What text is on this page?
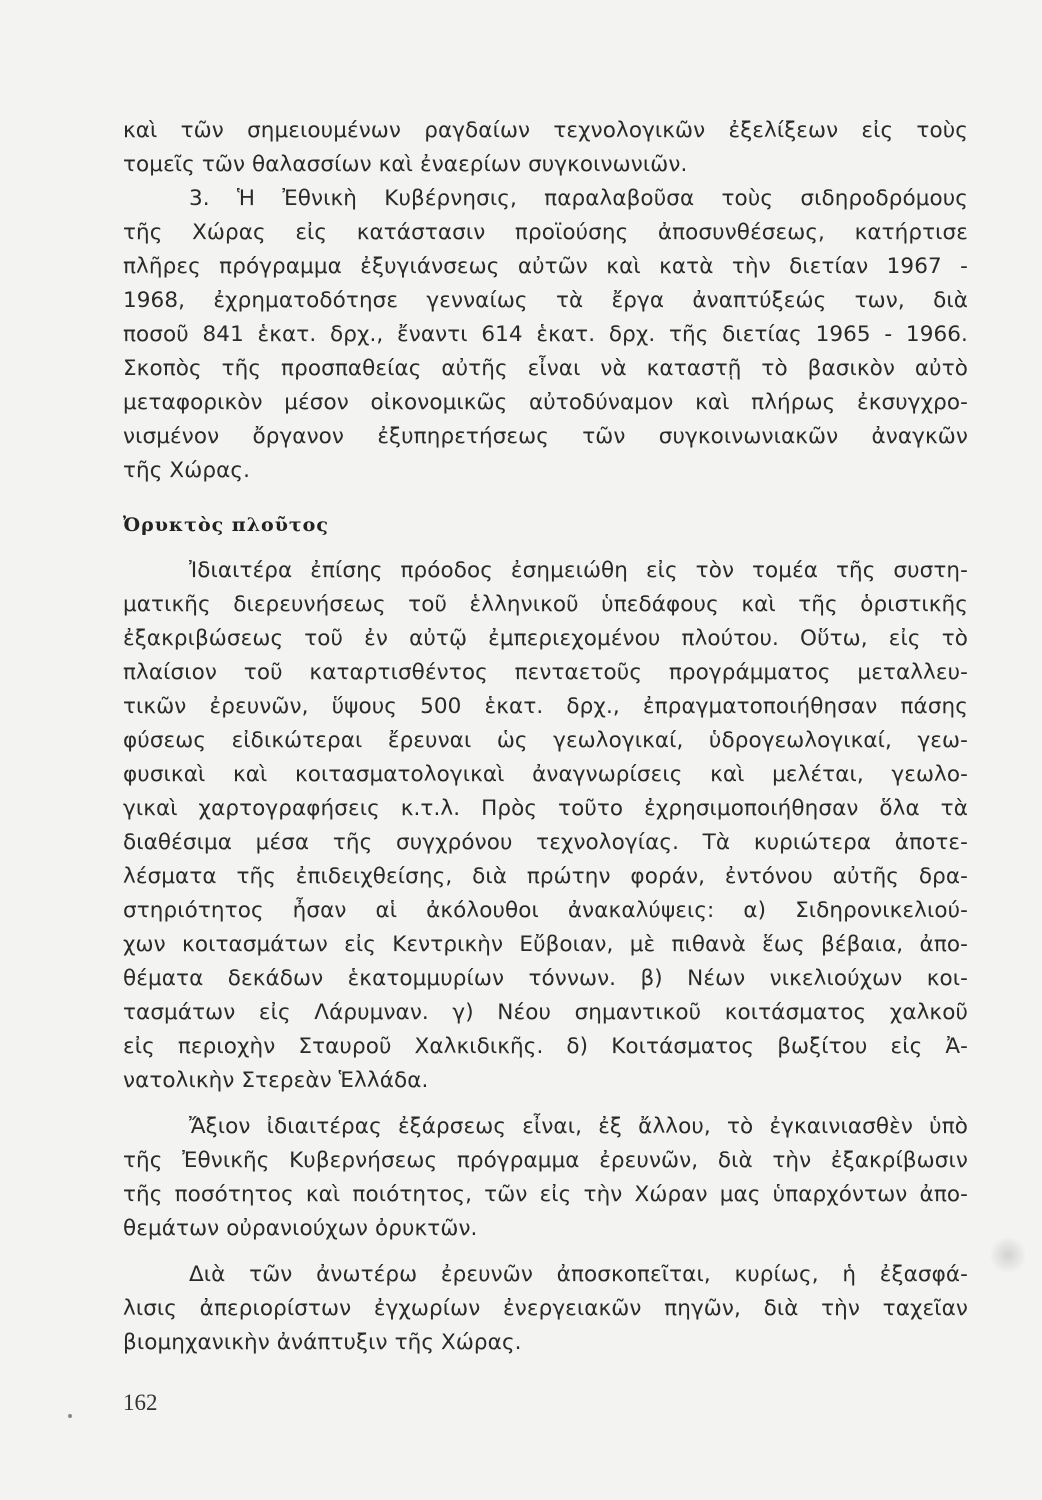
καὶ τῶν σημειουμένων ραγδαίων τεχνολογικῶν ἐξελίξεων εἰς τοὺς
τομεῖς τῶν θαλασσίων καὶ ἐναερίων συγκοινωνιῶν.
3. Ἡ Ἐθνικὴ Κυβέρνησις, παραλαβοῦσα τοὺς σιδηροδρόμους
τῆς Χώρας εἰς κατάστασιν προϊούσης ἀποσυνθέσεως, κατήρτισε
πλῆρες πρόγραμμα ἐξυγιάνσεως αὐτῶν καὶ κατὰ τὴν διετίαν 1967 -
1968, ἐχρηματοδότησε γενναίως τὰ ἔργα ἀναπτύξεώς των, διὰ
ποσοῦ 841 ἑκατ. δρχ., ἔναντι 614 ἑκατ. δρχ. τῆς διετίας 1965 - 1966.
Σκοπὸς τῆς προσπαθείας αὐτῆς εἶναι νὰ καταστῇ τὸ βασικὸν αὐτὸ
μεταφορικὸν μέσον οἰκονομικῶς αὐτοδύναμον καὶ πλήρως ἐκσυγχρο-
νισμένον ὄργανον ἐξυπηρετήσεως τῶν συγκοινωνιακῶν ἀναγκῶν
τῆς Χώρας.
Ὀρυκτὸς πλοῦτος
Ἰδιαιτέρα ἐπίσης πρόοδος ἐσημειώθη εἰς τὸν τομέα τῆς συστη-
ματικῆς διερευνήσεως τοῦ ἑλληνικοῦ ὑπεδάφους καὶ τῆς ὁριστικῆς
ἐξακριβώσεως τοῦ ἐν αὐτῷ ἐμπεριεχομένου πλούτου. Οὕτω, εἰς τὸ
πλαίσιον τοῦ καταρτισθέντος πενταετοῦς προγράμματος μεταλλευ-
τικῶν ἐρευνῶν, ὕψους 500 ἑκατ. δρχ., ἐπραγματοποιήθησαν πάσης
φύσεως εἰδικώτεραι ἔρευναι ὡς γεωλογικαί, ὑδρογεωλογικαί, γεω-
φυσικαὶ καὶ κοιτασματολογικαὶ ἀναγνωρίσεις καὶ μελέται, γεωλο-
γικαὶ χαρτογραφήσεις κ.τ.λ. Πρὸς τοῦτο ἐχρησιμοποιήθησαν ὅλα τὰ
διαθέσιμα μέσα τῆς συγχρόνου τεχνολογίας. Τὰ κυριώτερα ἀποτε-
λέσματα τῆς ἐπιδειχθείσης, διὰ πρώτην φοράν, ἐντόνου αὐτῆς δρα-
στηριότητος ἦσαν αἱ ἀκόλουθοι ἀνακαλύψεις: α) Σιδηρονικελιού-
χων κοιτασμάτων εἰς Κεντρικὴν Εὔβοιαν, μὲ πιθανὰ ἕως βέβαια, ἀπο-
θέματα δεκάδων ἑκατομμυρίων τόννων. β) Νέων νικελιούχων κοι-
τασμάτων εἰς Λάρυμναν. γ) Νέου σημαντικοῦ κοιτάσματος χαλκοῦ
εἰς περιοχὴν Σταυροῦ Χαλκιδικῆς. δ) Κοιτάσματος βωξίτου εἰς Ἀ-
νατολικὴν Στερεὰν Ἑλλάδα.
Ἄξιον ἰδιαιτέρας ἐξάρσεως εἶναι, ἐξ ἄλλου, τὸ ἐγκαινιασθὲν ὑπὸ
τῆς Ἐθνικῆς Κυβερνήσεως πρόγραμμα ἐρευνῶν, διὰ τὴν ἐξακρίβωσιν
τῆς ποσότητος καὶ ποιότητος, τῶν εἰς τὴν Χώραν μας ὑπαρχόντων ἀπο-
θεμάτων οὐρανιούχων ὀρυκτῶν.
Διὰ τῶν ἀνωτέρω ἐρευνῶν ἀποσκοπεῖται, κυρίως, ἡ ἐξασφά-
λισις ἀπεριορίστων ἐγχωρίων ἐνεργειακῶν πηγῶν, διὰ τὴν ταχεῖαν
βιομηχανικὴν ἀνάπτυξιν τῆς Χώρας.
162
